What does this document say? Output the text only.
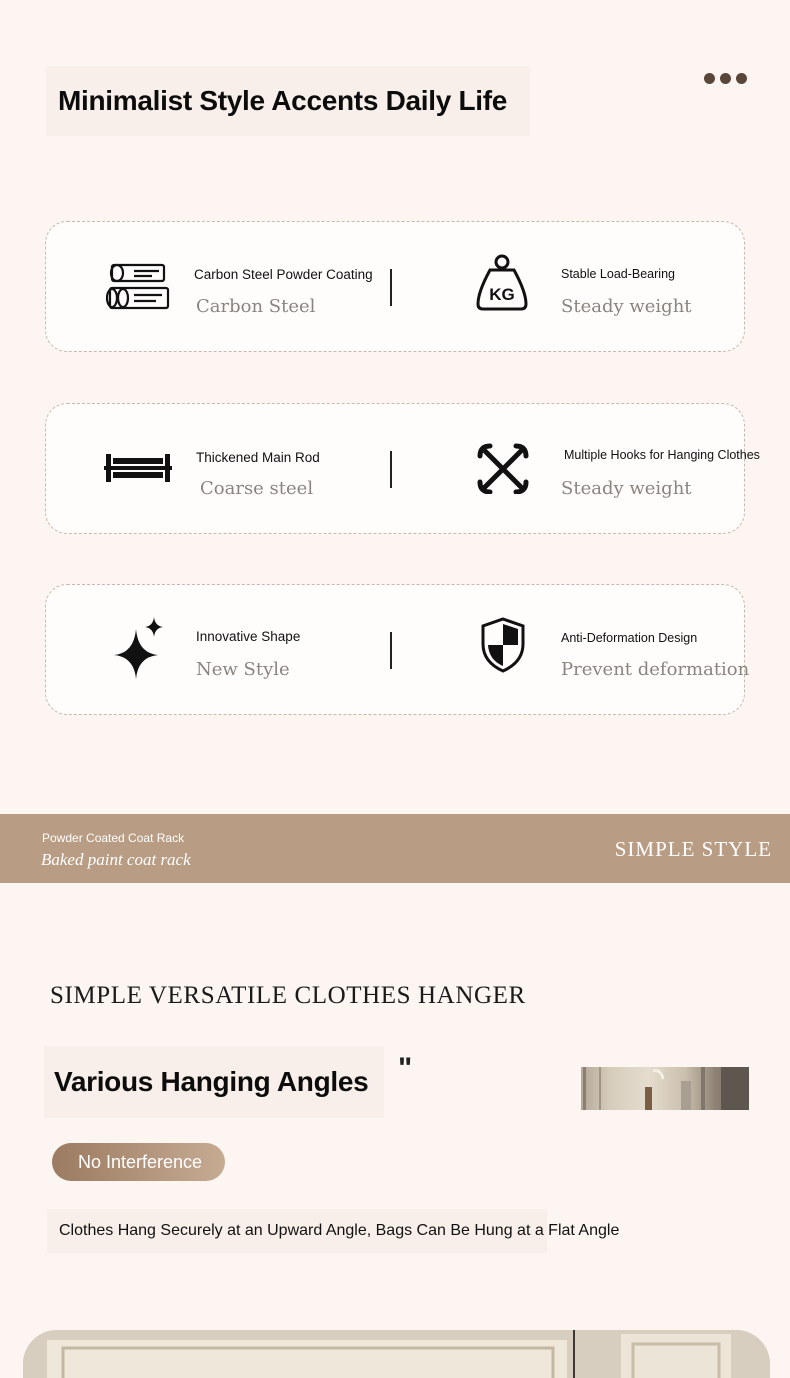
Minimalist Style Accents Daily Life
Carbon Steel Powder Coating
Carbon Steel
KG
Stable Load-Bearing
Steady weight
Thickened Main Rod
Coarse steel
Multiple Hooks for Hanging Clothes
Steady weight
Innovative Shape
New Style
Anti-Deformation Design
Prevent deformation
Powder Coated Coat Rack
Baked paint coat rack	SIMPLE STYLE
SIMPLE VERSATILE CLOTHES HANGER
Various Hanging Angles "
No Interference
Clothes Hang Securely at an Upward Angle, Bags Can Be Hung at a Flat Angle
